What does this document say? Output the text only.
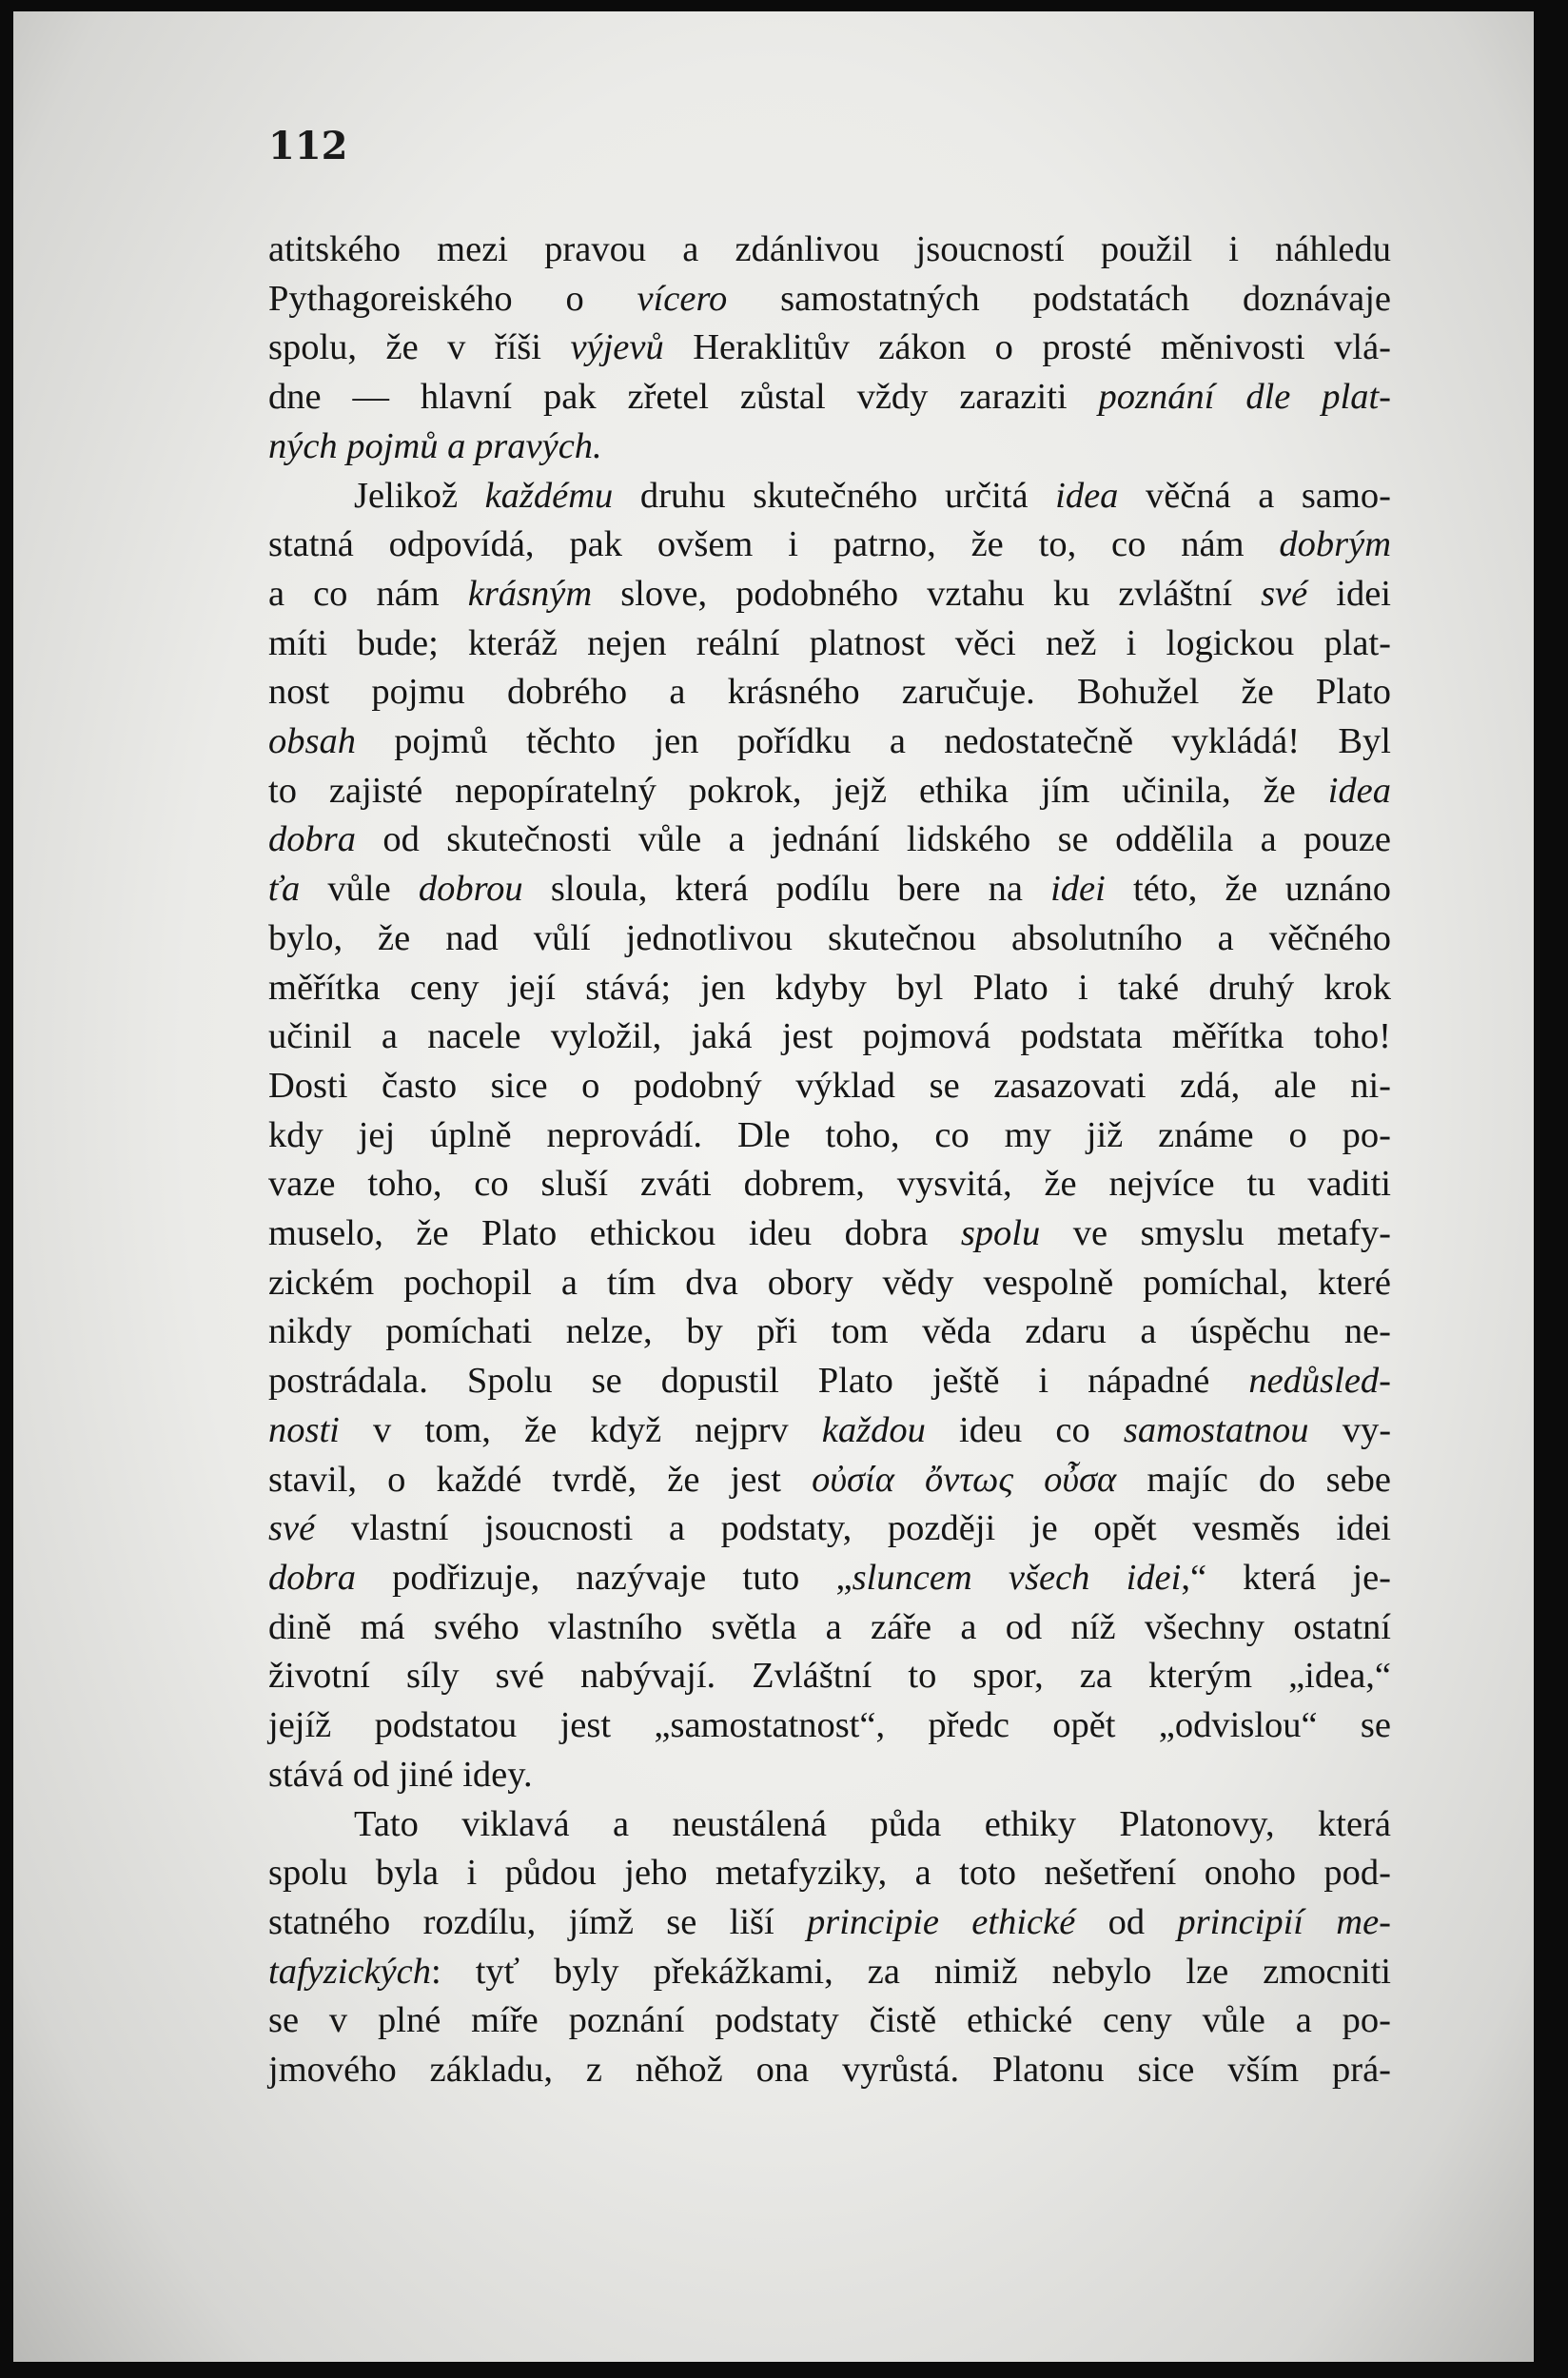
112

atitského mezi pravou a zdánlivou jsoucností použil i náhledu
Pythagoreiského o vícero samostatných podstatách doznávaje
spolu, že v říši výjevů Heraklitův zákon o prosté měnivosti vlá-
dne — hlavní pak zřetel zůstal vždy zaraziti poznání dle plat-

ných pojmů a pravých.

Jelikož každému druhu skutečného určitá idea věčná a samo-

statná odpovídá, pak ovšem i patrno, že to, co nám dobrým
a co nám krásným slove, podobného vztahu ku zvláštní své idei
míti bude; kteráž nejen reální platnost věci než i logickou plat-
nost pojmu dobrého a krásného zaručuje. Bohužel že Plato
obsah pojmů těchto jen pořídku a nedostatečně vykládá! Byl
to zajisté nepopíratelný pokrok, jejž ethika jím učinila, že idea
dobra od skutečnosti vůle a jednání lidského se oddělila a pouze
ťa vůle dobrou sloula, která podílu bere na idei této, že uznáno
bylo, že nad vůlí jednotlivou skutečnou absolutního a věčného
měřítka ceny její stává; jen kdyby byl Plato i také druhý krok
učinil a nacele vyložil, jaká jest pojmová podstata měřítka toho!
Dosti často sice o podobný výklad se zasazovati zdá, ale ni-
kdy jej úplně neprovádí. Dle toho, co my již známe o po-
vaze toho, co sluší zváti dobrem, vysvitá, že nejvíce tu vaditi
muselo, že Plato ethickou ideu dobra spolu ve smyslu metafy-
zickém pochopil a tím dva obory vědy vespolně pomíchal, které
nikdy pomíchati nelze, by při tom věda zdaru a úspěchu ne-
postrádala. Spolu se dopustil Plato ještě i nápadné nedůsled-
nosti v tom, že když nejprv každou ideu co samostatnou vy-
stavil, o každé tvrdě, že jest οὐσία ὄντως οὖσα majíc do sebe
své vlastní jsoucnosti a podstaty, později je opět vesměs idei
dobra podřizuje, nazývaje tuto „sluncem všech idei,“ která je-
dině má svého vlastního světla a záře a od níž všechny ostatní
životní síly své nabývají. Zvláštní to spor, za kterým „idea,“
jejíž podstatou jest „samostatnost“, předc opět „odvislou“ se

stává od jiné idey.

Tato viklavá a neustálená půda ethiky Platonovy, která

spolu byla i půdou jeho metafyziky, a toto nešetření onoho pod-
statného rozdílu, jímž se liší principie ethické od principií me-
tafyzických: tyť byly překážkami, za nimiž nebylo lze zmocniti
se v plné míře poznání podstaty čistě ethické ceny vůle a po-
jmového základu, z něhož ona vyrůstá. Platonu sice vším prá-
